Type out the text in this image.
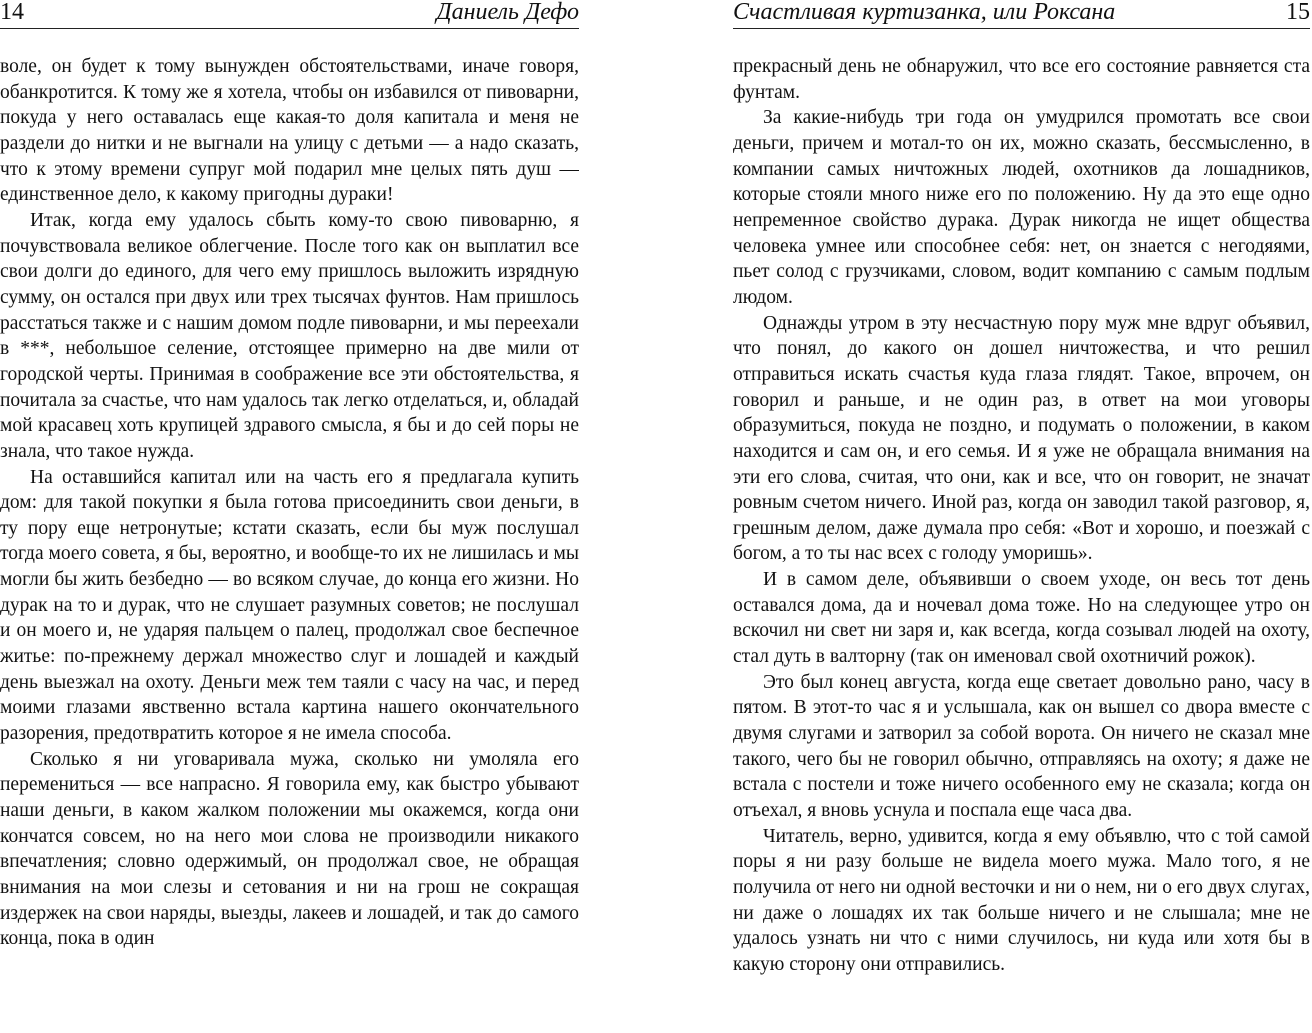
14	Даниель Дефо

воле, он будет к тому вынужден обстоятельствами, иначе говоря, обанкротится. К тому же я хотела, чтобы он избавился от пивоварни, покуда у него оставалась еще какая-то доля капитала и меня не раздели до нитки и не выгнали на улицу с детьми — а надо сказать, что к этому времени супруг мой подарил мне целых пять душ — единственное дело, к какому пригодны дураки!

Итак, когда ему удалось сбыть кому-то свою пивоварню, я почувствовала великое облегчение. После того как он выплатил все свои долги до единого, для чего ему пришлось выложить изрядную сумму, он остался при двух или трех тысячах фунтов. Нам пришлось расстаться также и с нашим домом подле пивоварни, и мы переехали в ***, небольшое селение, отстоящее примерно на две мили от городской черты. Принимая в соображение все эти обстоятельства, я почитала за счастье, что нам удалось так легко отделаться, и, обладай мой красавец хоть крупицей здравого смысла, я бы и до сей поры не знала, что такое нужда.

На оставшийся капитал или на часть его я предлагала купить дом: для такой покупки я была готова присоединить свои деньги, в ту пору еще нетронутые; кстати сказать, если бы муж послушал тогда моего совета, я бы, вероятно, и вообще-то их не лишилась и мы могли бы жить безбедно — во всяком случае, до конца его жизни. Но дурак на то и дурак, что не слушает разумных советов; не послушал и он моего и, не ударяя пальцем о палец, продолжал свое беспечное житье: по-прежнему держал множество слуг и лошадей и каждый день выезжал на охоту. Деньги меж тем таяли с часу на час, и перед моими глазами явственно встала картина нашего окончательного разорения, предотвратить которое я не имела способа.

Сколько я ни уговаривала мужа, сколько ни умоляла его перемениться — все напрасно. Я говорила ему, как быстро убывают наши деньги, в каком жалком положении мы окажемся, когда они кончатся совсем, но на него мои слова не производили никакого впечатления; словно одержимый, он продолжал свое, не обращая внимания на мои слезы и сетования и ни на грош не сокращая издержек на свои наряды, выезды, лакеев и лошадей, и так до самого конца, пока в один

Счастливая куртизанка, или Роксана	15

прекрасный день не обнаружил, что все его состояние равняется ста фунтам.

За какие-нибудь три года он умудрился промотать все свои деньги, причем и мотал-то он их, можно сказать, бессмысленно, в компании самых ничтожных людей, охотников да лошадников, которые стояли много ниже его по положению. Ну да это еще одно непременное свойство дурака. Дурак никогда не ищет общества человека умнее или способнее себя: нет, он знается с негодяями, пьет солод с грузчиками, словом, водит компанию с самым подлым людом.

Однажды утром в эту несчастную пору муж мне вдруг объявил, что понял, до какого он дошел ничтожества, и что решил отправиться искать счастья куда глаза глядят. Такое, впрочем, он говорил и раньше, и не один раз, в ответ на мои уговоры образумиться, покуда не поздно, и подумать о положении, в каком находится и сам он, и его семья. И я уже не обращала внимания на эти его слова, считая, что они, как и все, что он говорит, не значат ровным счетом ничего. Иной раз, когда он заводил такой разговор, я, грешным делом, даже думала про себя: «Вот и хорошо, и поезжай с богом, а то ты нас всех с голоду уморишь».

И в самом деле, объявивши о своем уходе, он весь тот день оставался дома, да и ночевал дома тоже. Но на следующее утро он вскочил ни свет ни заря и, как всегда, когда созывал людей на охоту, стал дуть в валторну (так он именовал свой охотничий рожок).

Это был конец августа, когда еще светает довольно рано, часу в пятом. В этот-то час я и услышала, как он вышел со двора вместе с двумя слугами и затворил за собой ворота. Он ничего не сказал мне такого, чего бы не говорил обычно, отправляясь на охоту; я даже не встала с постели и тоже ничего особенного ему не сказала; когда он отъехал, я вновь уснула и поспала еще часа два.

Читатель, верно, удивится, когда я ему объявлю, что с той самой поры я ни разу больше не видела моего мужа. Мало того, я не получила от него ни одной весточки и ни о нем, ни о его двух слугах, ни даже о лошадях их так больше ничего и не слышала; мне не удалось узнать ни что с ними случилось, ни куда или хотя бы в какую сторону они отправились.
